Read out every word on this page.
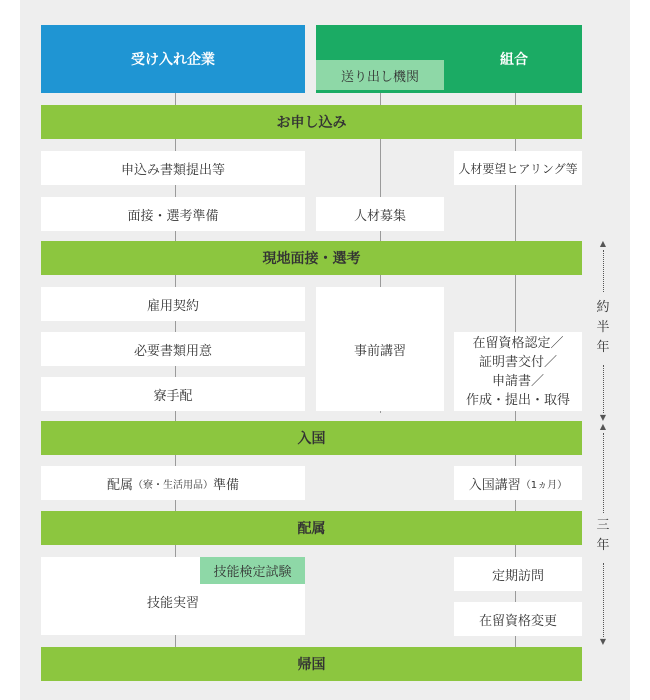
受け入れ企業	組合
送り出し機関
お申し込み
現地面接・選考
入国
配属
帰国
申込み書類提出等
面接・選考準備
雇用契約
必要書類用意
寮手配
配属 （寮・生活用品） 準備
技能実習
技能検定試験
人材募集
事前講習
人材要望ヒアリング等
在留資格認定／
証明書交付／
申請書／
作成・提出・取得
入国講習 （1ヵ月）
定期訪問
在留資格変更
▲
約
半
年
▼
▲
三
年
▼
